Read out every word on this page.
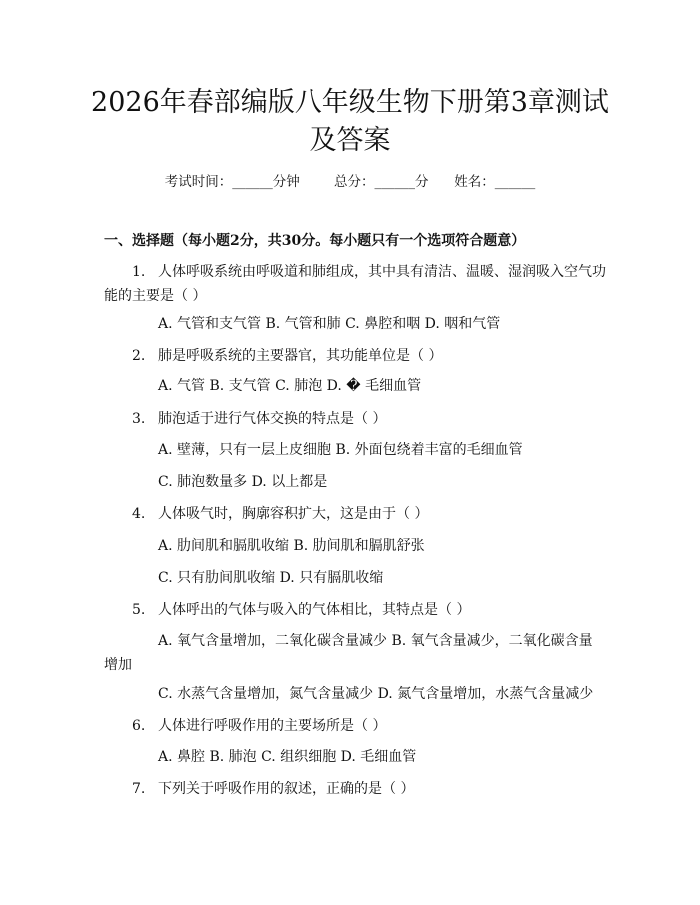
2026年春部编版八年级生物下册第3章测试
及答案
考试时间：______分钟	总分：______分 姓名：______
一、选择题（每小题2分，共30分。每小题只有一个选项符合题意）
1. 人体呼吸系统由呼吸道和肺组成，其中具有清洁、温暖、湿润吸入空气功
能的主要是（ ）
A. 气管和支气管 B. 气管和肺 C. 鼻腔和咽 D. 咽和气管
2. 肺是呼吸系统的主要器官，其功能单位是（ ）
A. 气管 B. 支气管 C. 肺泡 D. � 毛细血管
3. 肺泡适于进行气体交换的特点是（ ）
A. 壁薄，只有一层上皮细胞 B. 外面包绕着丰富的毛细血管
C. 肺泡数量多 D. 以上都是
4. 人体吸气时，胸廓容积扩大，这是由于（ ）
A. 肋间肌和膈肌收缩 B. 肋间肌和膈肌舒张
C. 只有肋间肌收缩 D. 只有膈肌收缩
5. 人体呼出的气体与吸入的气体相比，其特点是（ ）
A. 氧气含量增加，二氧化碳含量减少 B. 氧气含量减少，二氧化碳含量
增加
C. 水蒸气含量增加，氮气含量减少 D. 氮气含量增加，水蒸气含量减少
6. 人体进行呼吸作用的主要场所是（ ）
A. 鼻腔 B. 肺泡 C. 组织细胞 D. 毛细血管
7. 下列关于呼吸作用的叙述，正确的是（ ）
